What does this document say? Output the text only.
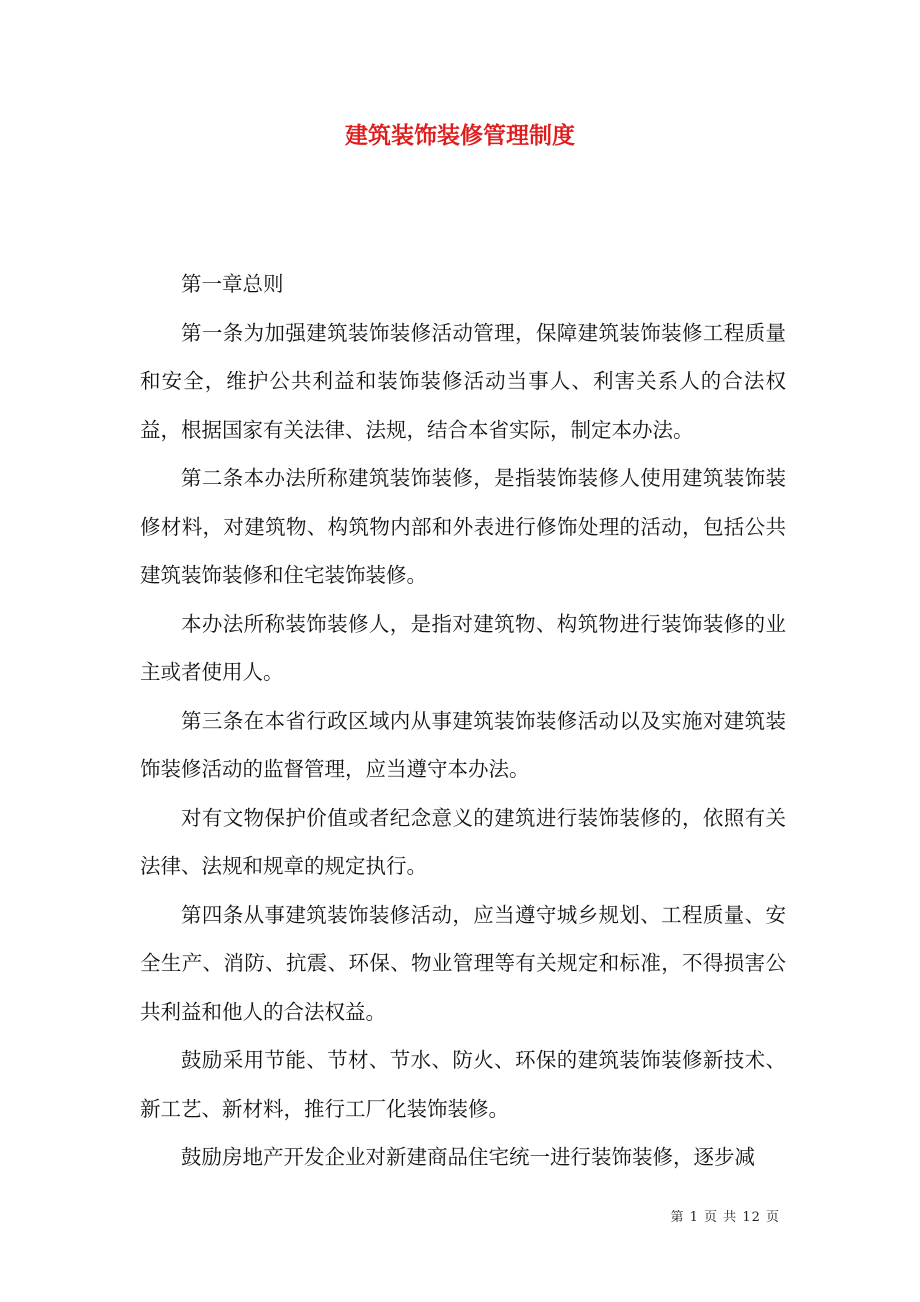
建筑装饰装修管理制度

第一章总则

第一条为加强建筑装饰装修活动管理，保障建筑装饰装修工程质量和安全，维护公共利益和装饰装修活动当事人、利害关系人的合法权益，根据国家有关法律、法规，结合本省实际，制定本办法。

第二条本办法所称建筑装饰装修，是指装饰装修人使用建筑装饰装修材料，对建筑物、构筑物内部和外表进行修饰处理的活动，包括公共建筑装饰装修和住宅装饰装修。

本办法所称装饰装修人，是指对建筑物、构筑物进行装饰装修的业主或者使用人。

第三条在本省行政区域内从事建筑装饰装修活动以及实施对建筑装饰装修活动的监督管理，应当遵守本办法。

对有文物保护价值或者纪念意义的建筑进行装饰装修的，依照有关法律、法规和规章的规定执行。

第四条从事建筑装饰装修活动，应当遵守城乡规划、工程质量、安全生产、消防、抗震、环保、物业管理等有关规定和标准，不得损害公共利益和他人的合法权益。

鼓励采用节能、节材、节水、防火、环保的建筑装饰装修新技术、新工艺、新材料，推行工厂化装饰装修。

鼓励房地产开发企业对新建商品住宅统一进行装饰装修，逐步减

第 1 页 共 12 页
